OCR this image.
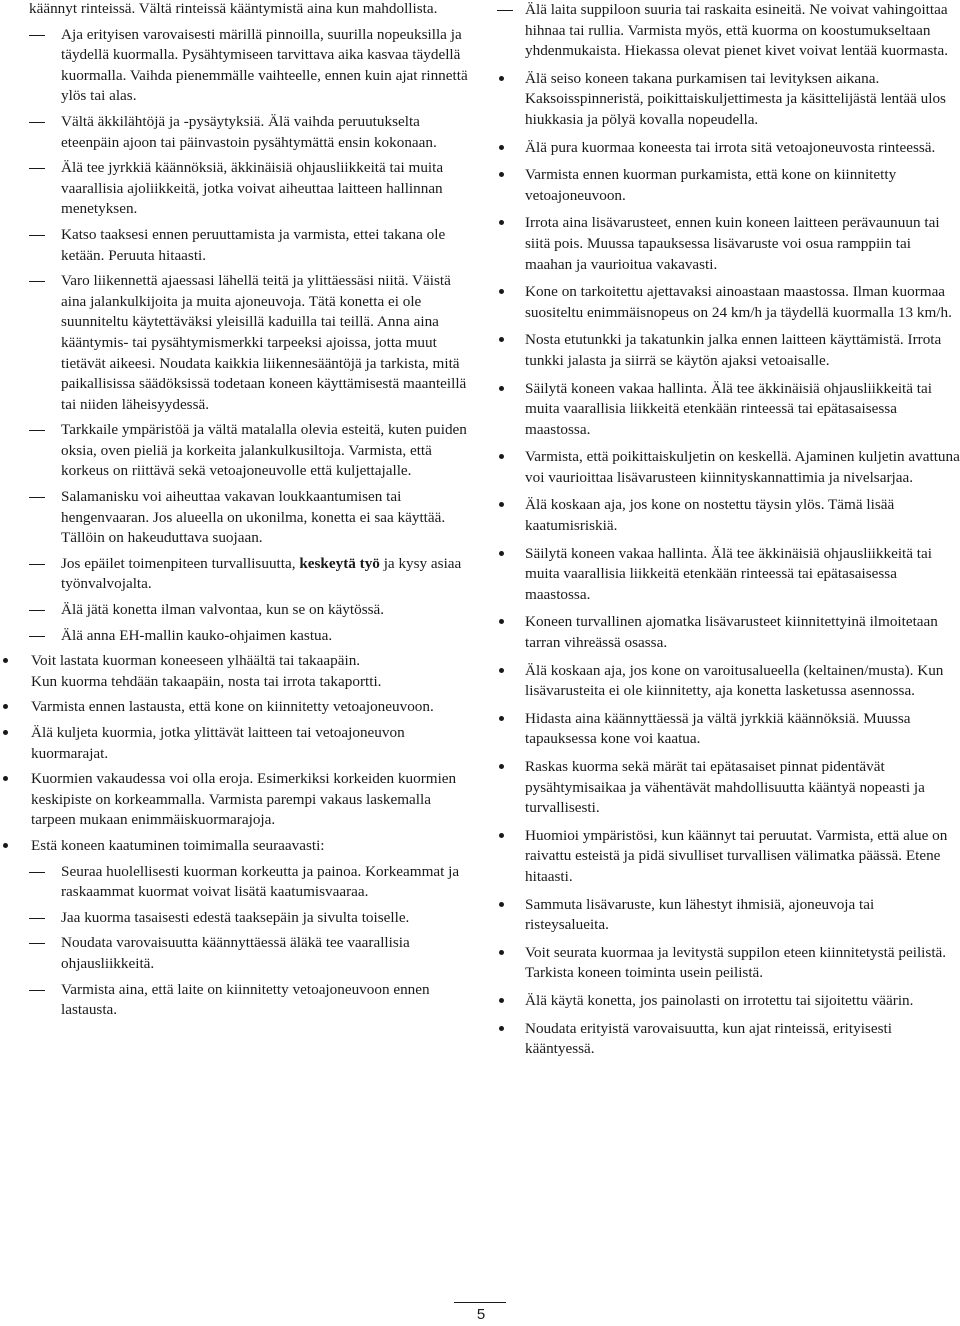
käännyt rinteissä. Vältä rinteissä kääntymistä aina kun mahdollista.

Aja erityisen varovaisesti märillä pinnoilla, suurilla nopeuksilla ja täydellä kuormalla. Pysähtymiseen tarvittava aika kasvaa täydellä kuormalla. Vaihda pienemmälle vaihteelle, ennen kuin ajat rinnettä ylös tai alas.
Vältä äkkilähtöjä ja -pysäytyksiä. Älä vaihda peruutukselta eteenpäin ajoon tai päinvastoin pysähtymättä ensin kokonaan.
Älä tee jyrkkiä käännöksiä, äkkinäisiä ohjausliikkeitä tai muita vaarallisia ajoliikkeitä, jotka voivat aiheuttaa laitteen hallinnan menetyksen.
Katso taaksesi ennen peruuttamista ja varmista, ettei takana ole ketään. Peruuta hitaasti.
Varo liikennettä ajaessasi lähellä teitä ja ylittäessäsi niitä. Väistä aina jalankulkijoita ja muita ajoneuvoja. Tätä konetta ei ole suunniteltu käytettäväksi yleisillä kaduilla tai teillä. Anna aina kääntymis- tai pysähtymismerkki tarpeeksi ajoissa, jotta muut tietävät aikeesi. Noudata kaikkia liikennesääntöjä ja tarkista, mitä paikallisissa säädöksissä todetaan koneen käyttämisestä maanteillä tai niiden läheisyydessä.
Tarkkaile ympäristöä ja vältä matalalla olevia esteitä, kuten puiden oksia, oven pieliä ja korkeita jalankulkusiltoja. Varmista, että korkeus on riittävä sekä vetoajoneuvolle että kuljettajalle.
Salamanisku voi aiheuttaa vakavan loukkaantumisen tai hengenvaaran. Jos alueella on ukonilma, konetta ei saa käyttää. Tällöin on hakeuduttava suojaan.
Jos epäilet toimenpiteen turvallisuutta, keskeytä työ ja kysy asiaa työnvalvojalta.
Älä jätä konetta ilman valvontaa, kun se on käytössä.
Älä anna EH-mallin kauko-ohjaimen kastua.
Voit lastata kuorman koneeseen ylhäältä tai takaapäin.

Kun kuorma tehdään takaapäin, nosta tai irrota takaportti.

Varmista ennen lastausta, että kone on kiinnitetty vetoajoneuvoon.
Älä kuljeta kuormia, jotka ylittävät laitteen tai vetoajoneuvon kuormarajat.
Kuormien vakaudessa voi olla eroja. Esimerkiksi korkeiden kuormien keskipiste on korkeammalla. Varmista parempi vakaus laskemalla tarpeen mukaan enimmäiskuormarajoja.
Estä koneen kaatuminen toimimalla seuraavasti:
Seuraa huolellisesti kuorman korkeutta ja painoa. Korkeammat ja raskaammat kuormat voivat lisätä kaatumisvaaraa.
Jaa kuorma tasaisesti edestä taaksepäin ja sivulta toiselle.
Noudata varovaisuutta käännyttäessä äläkä tee vaarallisia ohjausliikkeitä.
Varmista aina, että laite on kiinnitetty vetoajoneuvoon ennen lastausta.
Älä laita suppiloon suuria tai raskaita esineitä. Ne voivat vahingoittaa hihnaa tai rullia. Varmista myös, että kuorma on koostumukseltaan yhdenmukaista. Hiekassa olevat pienet kivet voivat lentää kuormasta.
Älä seiso koneen takana purkamisen tai levityksen aikana. Kaksoisspinneristä, poikittaiskuljettimesta ja käsittelijästä lentää ulos hiukkasia ja pölyä kovalla nopeudella.
Älä pura kuormaa koneesta tai irrota sitä vetoajoneuvosta rinteessä.
Varmista ennen kuorman purkamista, että kone on kiinnitetty vetoajoneuvoon.
Irrota aina lisävarusteet, ennen kuin koneen laitteen perävaunuun tai siitä pois. Muussa tapauksessa lisävaruste voi osua ramppiin tai maahan ja vaurioitua vakavasti.
Kone on tarkoitettu ajettavaksi ainoastaan maastossa. Ilman kuormaa suositeltu enimmäisnopeus on 24 km/h ja täydellä kuormalla 13 km/h.
Nosta etutunkki ja takatunkin jalka ennen laitteen käyttämistä. Irrota tunkki jalasta ja siirrä se käytön ajaksi vetoaisalle.
Säilytä koneen vakaa hallinta. Älä tee äkkinäisiä ohjausliikkeitä tai muita vaarallisia liikkeitä etenkään rinteessä tai epätasaisessa maastossa.
Varmista, että poikittaiskuljetin on keskellä. Ajaminen kuljetin avattuna voi vaurioittaa lisävarusteen kiinnityskannattimia ja nivelsarjaa.
Älä koskaan aja, jos kone on nostettu täysin ylös. Tämä lisää kaatumisriskiä.
Säilytä koneen vakaa hallinta. Älä tee äkkinäisiä ohjausliikkeitä tai muita vaarallisia liikkeitä etenkään rinteessä tai epätasaisessa maastossa.
Koneen turvallinen ajomatka lisävarusteet kiinnitettyinä ilmoitetaan tarran vihreässä osassa.
Älä koskaan aja, jos kone on varoitusalueella (keltainen/musta). Kun lisävarusteita ei ole kiinnitetty, aja konetta lasketussa asennossa.
Hidasta aina käännyttäessä ja vältä jyrkkiä käännöksiä. Muussa tapauksessa kone voi kaatua.
Raskas kuorma sekä märät tai epätasaiset pinnat pidentävät pysähtymisaikaa ja vähentävät mahdollisuutta kääntyä nopeasti ja turvallisesti.
Huomioi ympäristösi, kun käännyt tai peruutat. Varmista, että alue on raivattu esteistä ja pidä sivulliset turvallisen välimatka päässä. Etene hitaasti.
Sammuta lisävaruste, kun lähestyt ihmisiä, ajoneuvoja tai risteysalueita.
Voit seurata kuormaa ja levitystä suppilon eteen kiinnitetystä peilistä. Tarkista koneen toiminta usein peilistä.
Älä käytä konetta, jos painolasti on irrotettu tai sijoitettu väärin.
Noudata erityistä varovaisuutta, kun ajat rinteissä, erityisesti kääntyessä.
5
